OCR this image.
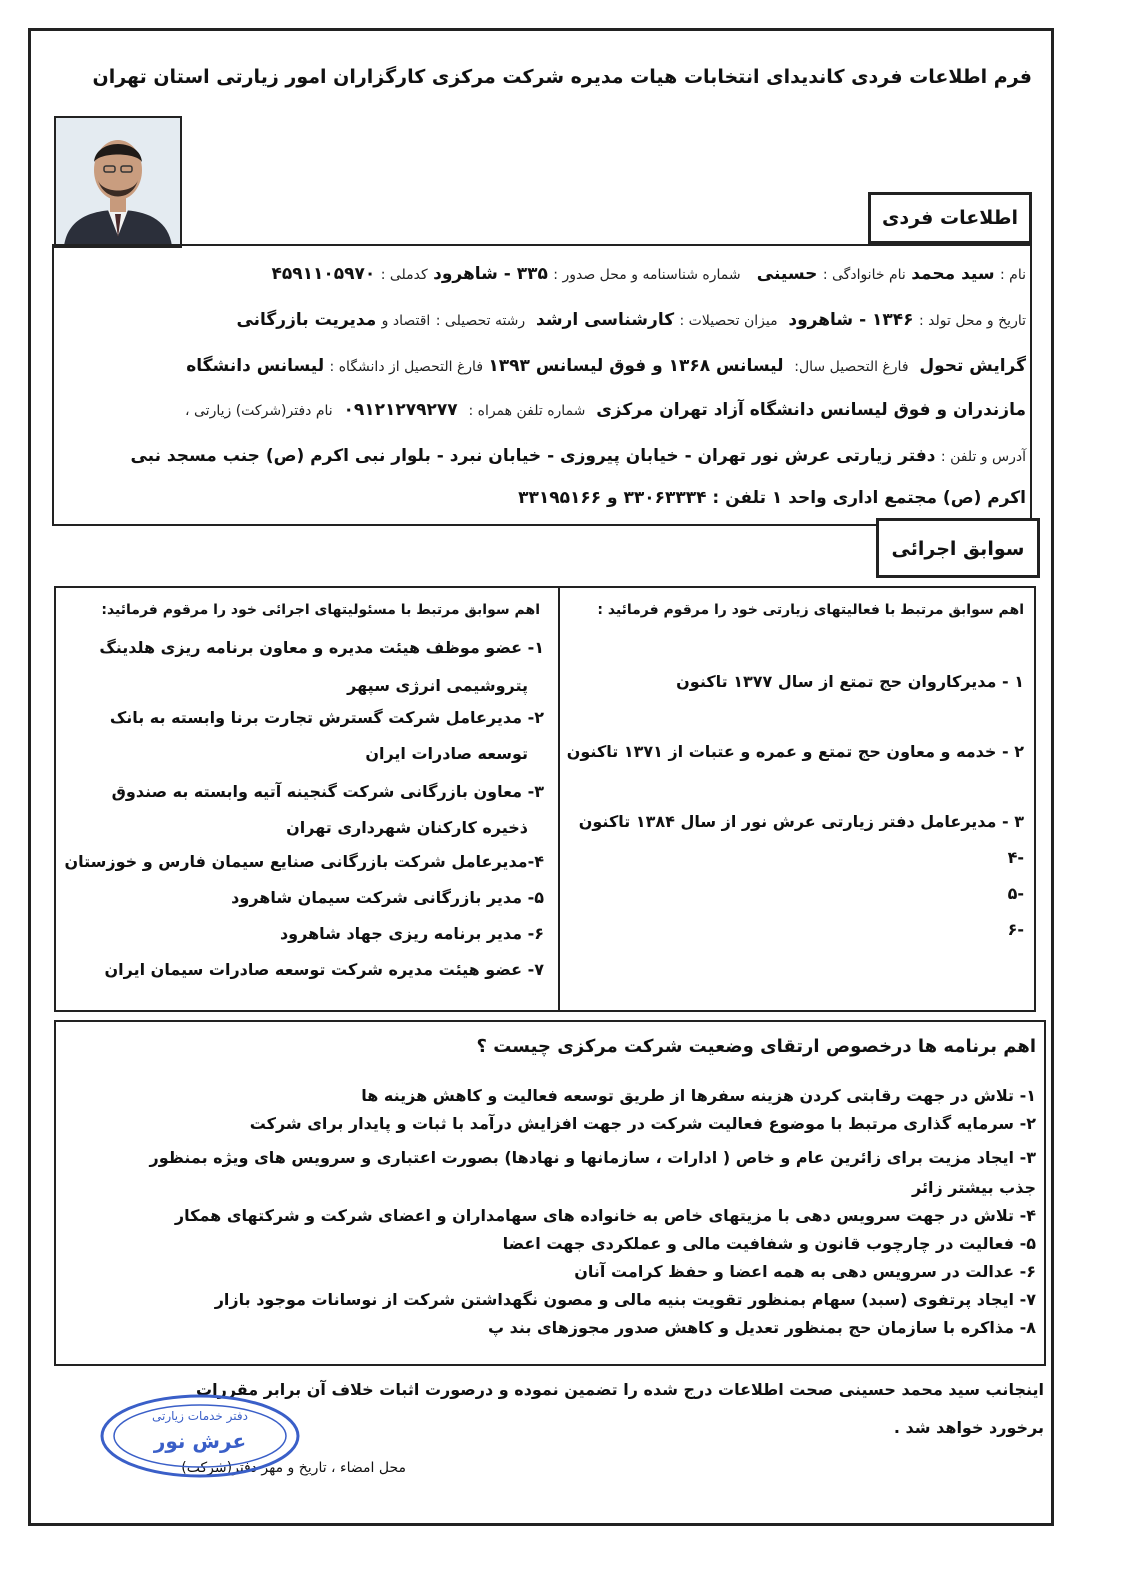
فرم اطلاعات فردی کاندیدای انتخابات هیات مدیره شرکت مرکزی کارگزاران امور زیارتی استان تهران
اطلاعات فردی
نام : سید محمد نام خانوادگی : حسینی   شماره شناسنامه و محل صدور : ۳۳۵ - شاهرود کدملی : ۴۵۹۱۱۰۵۹۷۰
تاریخ و محل تولد : ۱۳۴۶ - شاهرود  میزان تحصیلات : کارشناسی ارشد  رشته تحصیلی : اقتصاد و مدیریت بازرگانی
گرایش تحول  فارغ التحصیل سال:  لیسانس ۱۳۶۸ و فوق لیسانس ۱۳۹۳ فارغ التحصیل از دانشگاه : لیسانس دانشگاه
مازندران و فوق لیسانس دانشگاه آزاد تهران مرکزی  شماره تلفن همراه :  ۰۹۱۲۱۲۷۹۲۷۷  نام دفتر(شرکت) زیارتی ،
آدرس و تلفن : دفتر زیارتی عرش نور تهران - خیابان پیروزی - خیابان نبرد - بلوار نبی اکرم (ص) جنب مسجد نبی
اکرم (ص) مجتمع اداری واحد ۱ تلفن : ۳۳۰۶۳۳۳۴ و ۳۳۱۹۵۱۶۶
سوابق اجرائی
اهم سوابق مرتبط با فعالیتهای زیارتی خود را مرقوم فرمائید :
۱ - مدیرکاروان حج تمتع از سال ۱۳۷۷ تاکنون
۲ - خدمه و معاون حج تمتع و عمره و عتبات از ۱۳۷۱ تاکنون
۳ - مدیرعامل دفتر زیارتی عرش نور از سال ۱۳۸۴ تاکنون
-۴
-۵
-۶
اهم سوابق مرتبط با مسئولیتهای اجرائی خود را مرقوم فرمائید:
۱- عضو موظف هیئت مدیره و معاون برنامه ریزی هلدینگ
پتروشیمی انرژی سپهر
۲- مدیرعامل شرکت گسترش تجارت برنا وابسته به بانک
توسعه صادرات ایران
۳- معاون بازرگانی شرکت گنجینه آتیه وابسته به صندوق
ذخیره کارکنان شهرداری تهران
۴-مدیرعامل شرکت بازرگانی صنایع سیمان فارس و خوزستان
۵- مدیر بازرگانی شرکت سیمان شاهرود
۶- مدیر برنامه ریزی جهاد شاهرود
۷- عضو هیئت مدیره شرکت توسعه صادرات سیمان ایران
اهم برنامه ها درخصوص ارتقای وضعیت شرکت مرکزی چیست ؟
۱- تلاش در جهت رقابتی کردن هزینه سفرها از طریق توسعه فعالیت و کاهش هزینه ها
۲- سرمایه گذاری مرتبط با موضوع فعالیت شرکت در جهت افزایش درآمد با ثبات و پایدار برای شرکت
۳- ایجاد مزیت برای زائرین عام و خاص ( ادارات ، سازمانها و نهادها) بصورت اعتباری و سرویس های ویژه بمنظور
جذب بیشتر زائر
۴- تلاش در جهت سرویس دهی با مزیتهای خاص به خانواده های سهامداران و اعضای شرکت و شرکتهای همکار
۵- فعالیت در چارچوب قانون و شفافیت مالی و عملکردی جهت اعضا
۶- عدالت در سرویس دهی به همه اعضا و حفظ کرامت آنان
۷- ایجاد پرتفوی (سبد) سهام بمنظور تقویت بنیه مالی و مصون نگهداشتن شرکت از نوسانات موجود بازار
۸- مذاکره با سازمان حج بمنظور تعدیل و کاهش صدور مجوزهای بند پ
اینجانب سید محمد حسینی صحت اطلاعات درج شده را تضمین نموده و درصورت اثبات خلاف آن برابر مقررات
برخورد خواهد شد .
محل امضاء ، تاریخ و مهر دفتر(شرکت)
دفتر خدمات زیارتی
عرش نور
